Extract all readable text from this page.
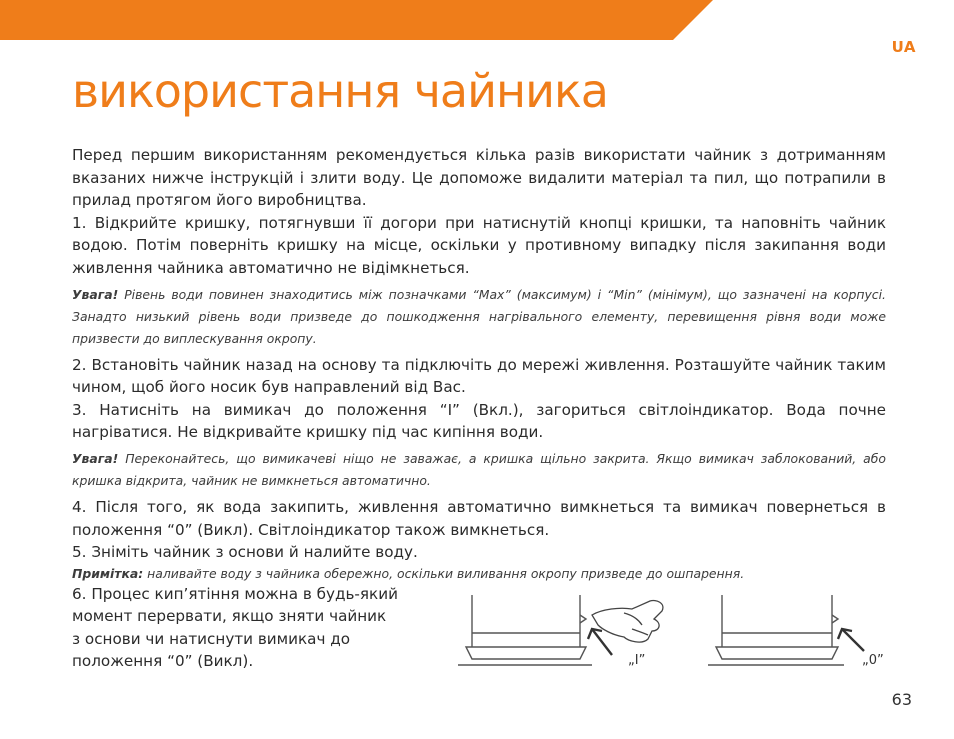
UA
використання чайника

Перед першим використанням рекомендується кілька разів використати чайник з дотриманням вказаних нижче інструкцій і злити воду. Це допоможе видалити матеріал та пил, що потрапили в прилад протягом його виробництва.

1. Відкрийте кришку, потягнувши її догори при натиснутій кнопці кришки, та наповніть чайник водою. Потім поверніть кришку на місце, оскільки у противному випадку після закипання води живлення чайника автоматично не відімкнеться.

Увага! Рівень води повинен знаходитись між позначками “Max” (максимум) і “Min” (мінімум), що зазначені на корпусі. Занадто низький рівень води призведе до пошкодження нагрівального елементу, перевищення рівня води може призвести до виплескування окропу.

2. Встановіть чайник назад на основу та підключіть до мережі живлення. Розташуйте чайник таким чином, щоб його носик був направлений від Вас.

3. Натисніть на вимикач до положення “I” (Вкл.), загориться світлоіндикатор. Вода почне нагріватися. Не відкривайте кришку під час кипіння води.

Увага! Переконайтесь, що вимикачеві ніщо не заважає, а кришка щільно закрита. Якщо вимикач заблокований, або кришка відкрита, чайник не вимкнеться автоматично.

4. Після того, як вода закипить, живлення автоматично вимкнеться та вимикач повернеться в положення “0” (Викл). Світлоіндикатор також вимкнеться.

5. Зніміть чайник з основи й налийте воду.

Примітка: наливайте воду з чайника обережно, оскільки виливання окропу призведе до ошпарення.

6. Процес кип’ятіння можна в будь-який

момент перервати, якщо зняти чайник

з основи чи натиснути вимикач до

положення “0” (Викл).	„I”	„0”
63
